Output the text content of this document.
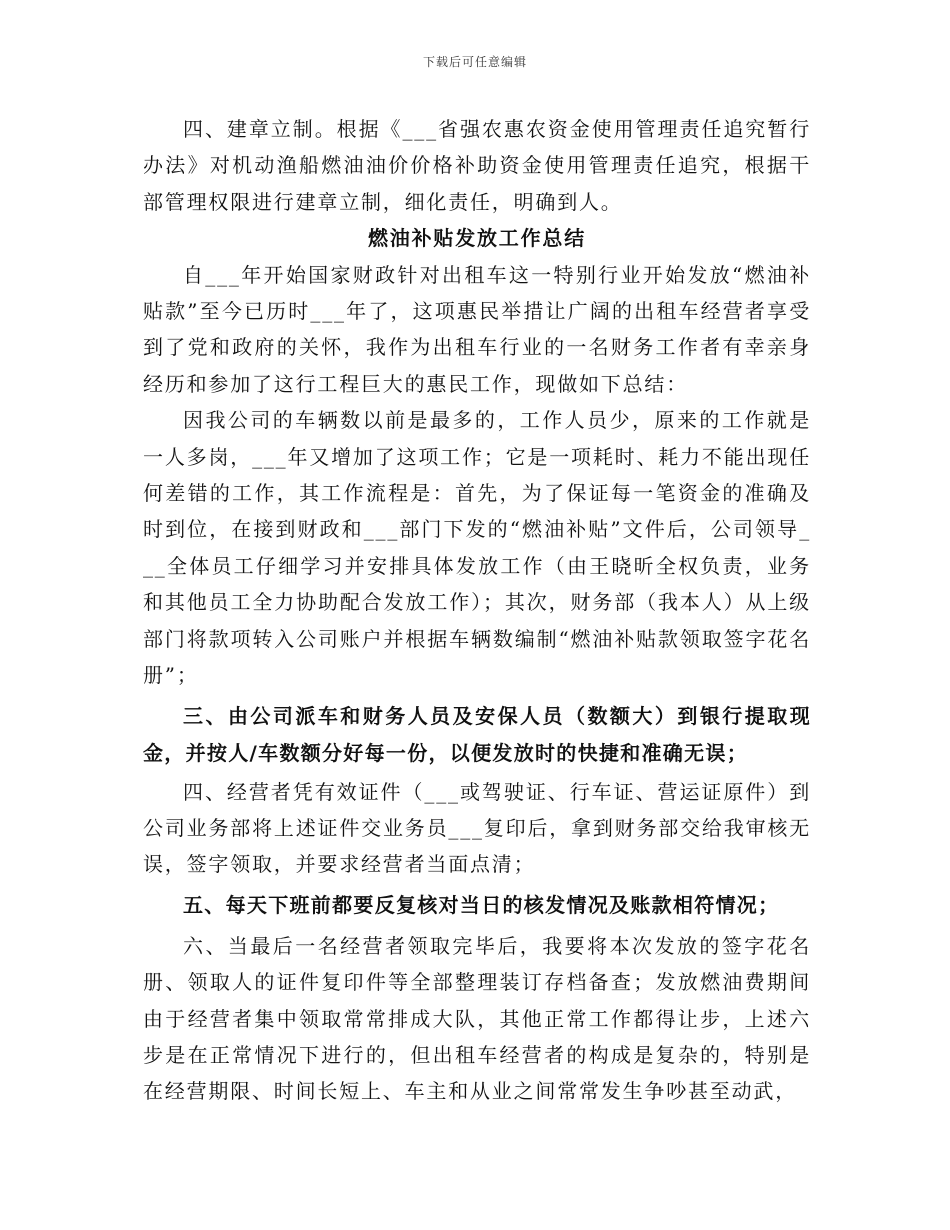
下载后可任意编辑

四、建章立制。根据《___省强农惠农资金使用管理责任追究暂行办法》对机动渔船燃油油价价格补助资金使用管理责任追究，根据干部管理权限进行建章立制，细化责任，明确到人。

燃油补贴发放工作总结

自___年开始国家财政针对出租车这一特别行业开始发放“燃油补贴款”至今已历时___年了，这项惠民举措让广阔的出租车经营者享受到了党和政府的关怀，我作为出租车行业的一名财务工作者有幸亲身经历和参加了这行工程巨大的惠民工作，现做如下总结：

因我公司的车辆数以前是最多的，工作人员少，原来的工作就是一人多岗，___年又增加了这项工作；它是一项耗时、耗力不能出现任何差错的工作，其工作流程是：首先，为了保证每一笔资金的准确及时到位，在接到财政和___部门下发的“燃油补贴”文件后，公司领导___全体员工仔细学习并安排具体发放工作（由王晓昕全权负责，业务和其他员工全力协助配合发放工作）；其次，财务部（我本人）从上级部门将款项转入公司账户并根据车辆数编制“燃油补贴款领取签字花名册”；

三、由公司派车和财务人员及安保人员（数额大）到银行提取现金，并按人/车数额分好每一份，以便发放时的快捷和准确无误；

四、经营者凭有效证件（___或驾驶证、行车证、营运证原件）到公司业务部将上述证件交业务员___复印后，拿到财务部交给我审核无误，签字领取，并要求经营者当面点清；

五、每天下班前都要反复核对当日的核发情况及账款相符情况；

六、当最后一名经营者领取完毕后，我要将本次发放的签字花名册、领取人的证件复印件等全部整理装订存档备查；发放燃油费期间由于经营者集中领取常常排成大队，其他正常工作都得让步，上述六步是在正常情况下进行的，但出租车经营者的构成是复杂的，特别是在经营期限、时间长短上、车主和从业之间常常发生争吵甚至动武，
